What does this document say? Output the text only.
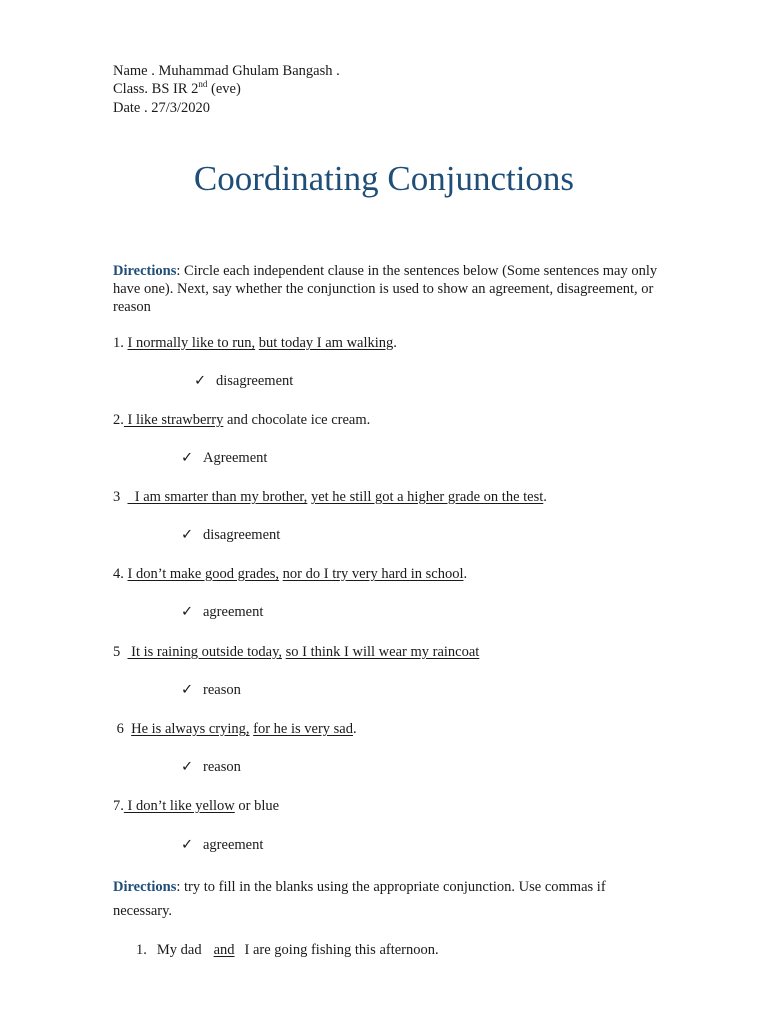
Name . Muhammad Ghulam Bangash .
Class. BS IR 2nd (eve)
Date . 27/3/2020
Coordinating Conjunctions
Directions: Circle each independent clause in the sentences below (Some sentences may only have one). Next, say whether the conjunction is used to show an agreement, disagreement, or reason
1. I normally like to run, but today I am walking.
✓ disagreement
2. I like strawberry and chocolate ice cream.
✓ Agreement
3    I am smarter than my brother, yet he still got a higher grade on the test.
✓ disagreement
4. I don’t make good grades, nor do I try very hard in school.
✓ agreement
5   It is raining outside today, so I think I will wear my raincoat
✓ reason
6  He is always crying, for he is very sad.
✓ reason
7. I don’t like yellow or blue
✓ agreement
Directions: try to fill in the blanks using the appropriate conjunction. Use commas if necessary.
1. My dad and I are going fishing this afternoon.
